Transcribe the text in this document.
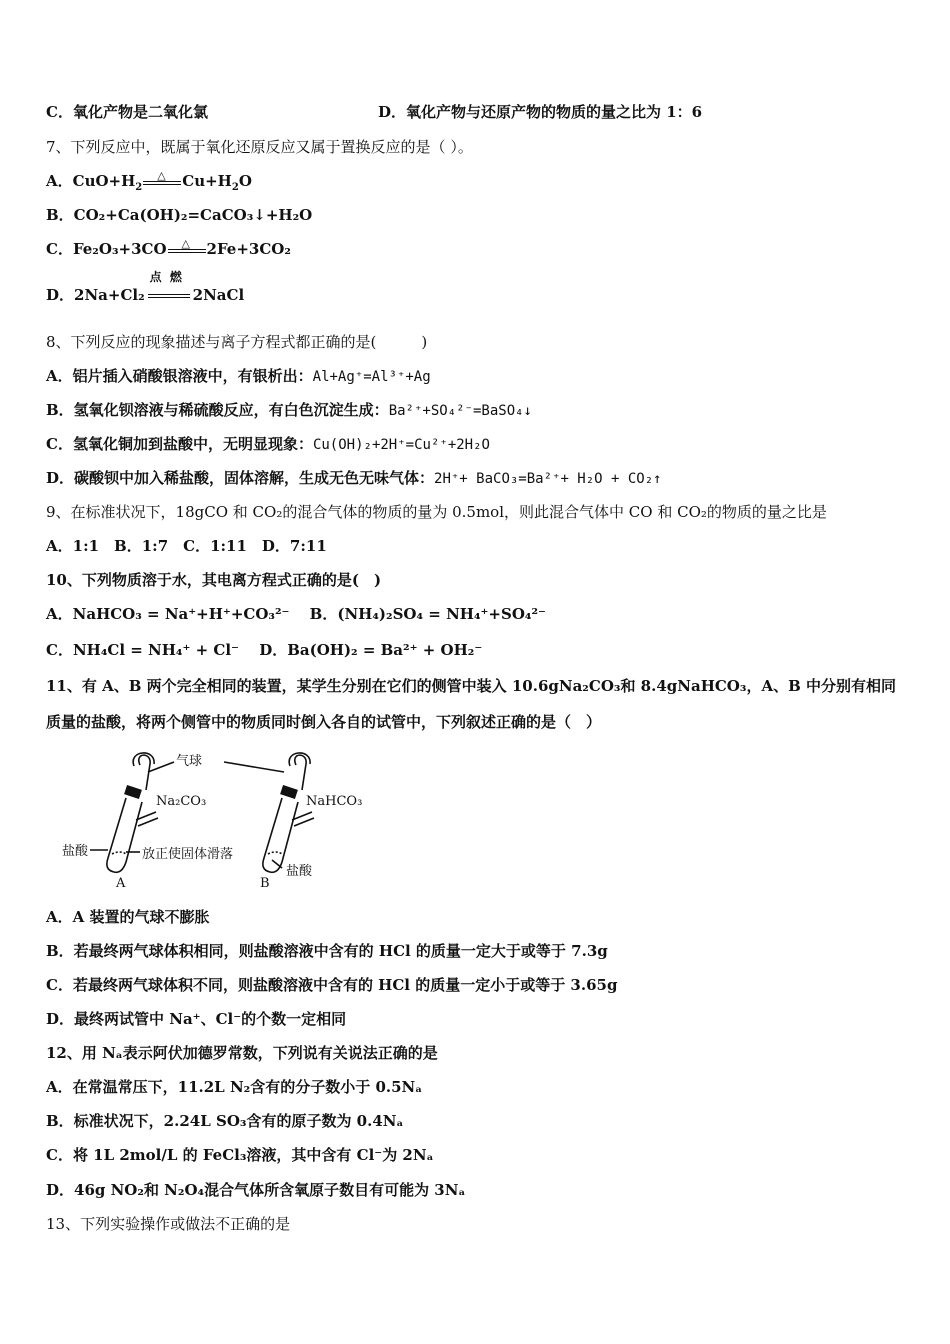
C．氧化产物是二氧化氯	D．氧化产物与还原产物的物质的量之比为 1：6
7、下列反应中，既属于氧化还原反应又属于置换反应的是（ ）。
A．$CuO+H_2$
△ $Cu+H_2O$
B．CO₂+Ca(OH)₂=CaCO₃↓+H₂O
C．Fe₂O₃+3CO △ 2Fe+3CO₂
D．2Na+Cl₂
点 燃
2NaCl
8、下列反应的现象描述与离子方程式都正确的是(　　　)
A．铝片插入硝酸银溶液中，有银析出：Al+Ag⁺=Al³⁺+Ag
B．氢氧化钡溶液与稀硫酸反应，有白色沉淀生成：Ba²⁺+SO₄²⁻=BaSO₄↓
C．氢氧化铜加到盐酸中，无明显现象：Cu(OH)₂+2H⁺=Cu²⁺+2H₂O
D．碳酸钡中加入稀盐酸，固体溶解，生成无色无味气体：2H⁺+ BaCO₃=Ba²⁺+ H₂O + CO₂↑
9、在标准状况下，18gCO 和 CO₂的混合气体的物质的量为 0.5mol，则此混合气体中 CO 和 CO₂的物质的量之比是
A．1:1　B．1:7　C．1:11　D．7:11
10、下列物质溶于水，其电离方程式正确的是(　)
A．NaHCO₃ = Na⁺+H⁺+CO₃²⁻　 B．(NH₄)₂SO₄ = NH₄⁺+SO₄²⁻
C．NH₄Cl = NH₄⁺ + Cl⁻　 D．Ba(OH)₂ = Ba²⁺ + OH₂⁻
11、有 A、B 两个完全相同的装置，某学生分别在它们的侧管中装入 10.6gNa₂CO₃和 8.4gNaHCO₃，A、B 中分别有相同
质量的盐酸，将两个侧管中的物质同时倒入各自的试管中，下列叙述正确的是（　）
气球
Na₂CO₃	NaHCO₃
盐酸	放正使固体滑落
盐酸
A	B
A．A 装置的气球不膨胀
B．若最终两气球体积相同，则盐酸溶液中含有的 HCl 的质量一定大于或等于 7.3g
C．若最终两气球体积不同，则盐酸溶液中含有的 HCl 的质量一定小于或等于 3.65g
D．最终两试管中 Na⁺、Cl⁻的个数一定相同
12、用 Nₐ表示阿伏加德罗常数，下列说有关说法正确的是
A．在常温常压下，11.2L N₂含有的分子数小于 0.5Nₐ
B．标准状况下，2.24L SO₃含有的原子数为 0.4Nₐ
C．将 1L 2mol/L 的 FeCl₃溶液，其中含有 Cl⁻为 2Nₐ
D．46g NO₂和 N₂O₄混合气体所含氧原子数目有可能为 3Nₐ
13、下列实验操作或做法不正确的是
